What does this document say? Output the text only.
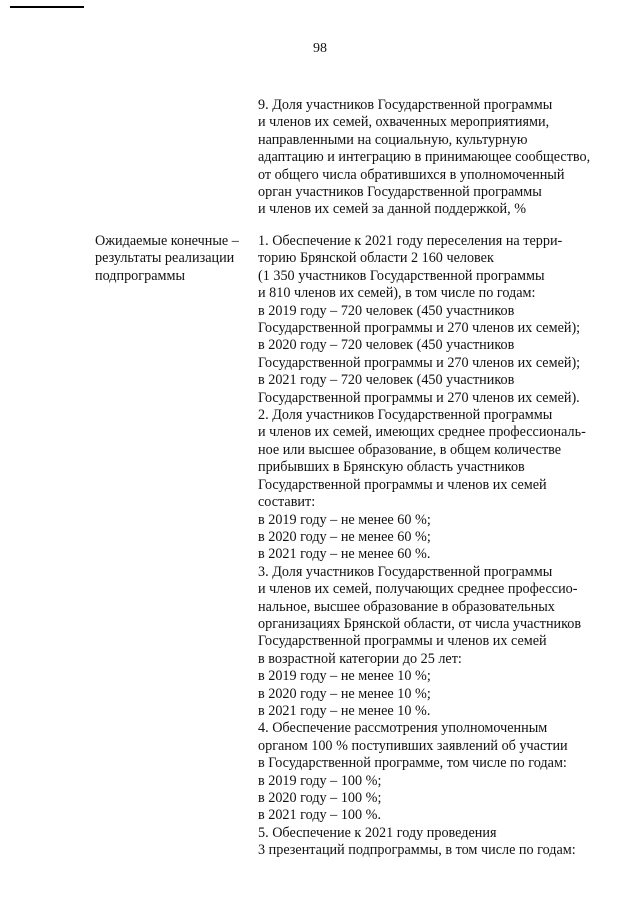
98
9. Доля участников Государственной программы
и членов их семей, охваченных мероприятиями,
направленными на социальную, культурную
адаптацию и интеграцию в принимающее сообщество,
от общего числа обратившихся в уполномоченный
орган участников Государственной программы
и членов их семей за данной поддержкой, %
Ожидаемые конечные –
результаты реализации
подпрограммы
1. Обеспечение к 2021 году переселения на терри-
торию Брянской области 2 160 человек
(1 350 участников Государственной программы
и 810 членов их семей), в том числе по годам:
в 2019 году – 720 человек (450 участников
Государственной программы и 270 членов их семей);
в 2020 году – 720 человек (450 участников
Государственной программы и 270 членов их семей);
в 2021 году – 720 человек (450 участников
Государственной программы и 270 членов их семей).
2. Доля участников Государственной программы
и членов их семей, имеющих среднее профессиональ-
ное или высшее образование, в общем количестве
прибывших в Брянскую область участников
Государственной программы и членов их семей
составит:
в 2019 году – не менее 60 %;
в 2020 году – не менее 60 %;
в 2021 году – не менее 60 %.
3. Доля участников Государственной программы
и членов их семей, получающих среднее профессио-
нальное, высшее образование в образовательных
организациях Брянской области, от числа участников
Государственной программы и членов их семей
в возрастной категории до 25 лет:
в 2019 году – не менее 10 %;
в 2020 году – не менее 10 %;
в 2021 году – не менее 10 %.
4. Обеспечение рассмотрения уполномоченным
органом 100 % поступивших заявлений об участии
в Государственной программе, том числе по годам:
в 2019 году – 100 %;
в 2020 году – 100 %;
в 2021 году – 100 %.
5. Обеспечение к 2021 году проведения
3 презентаций подпрограммы, в том числе по годам:
